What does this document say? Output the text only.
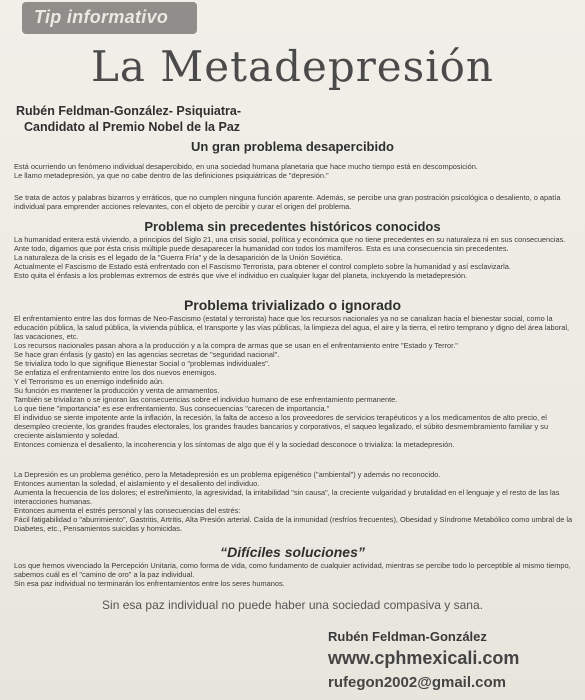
Tip informativo
La Metadepresión
Rubén Feldman-González- Psiquiatra-
Candidato al Premio Nobel de la Paz
Un gran problema desapercibido
Está ocurriendo un fenómeno individual desapercibido, en una sociedad humana planetaria que hace mucho tiempo está en descomposición.
Le llamo metadepresión, ya que no cabe dentro de las definiciones psiquiátricas de "depresión."
Se trata de actos y palabras bizarros y erráticos, que no cumplen ninguna función aparente. Además, se percibe una gran postración psicológica o desaliento, o apatía individual para emprender acciones relevantes, con el objeto de percibir y curar el origen del problema.
Problema sin precedentes históricos conocidos
La humanidad entera está viviendo, a principios del Siglo 21, una crisis social, política y económica que no tiene precedentes en su naturaleza ni en sus consecuencias.
Ante todo, digamos que por ésta crisis múltiple puede desaparecer la humanidad con todos los mamíferos. Esta es una consecuencia sin precedentes.
La naturaleza de la crisis es el legado de la "Guerra Fría" y de la desaparición de la Unión Soviética.
Actualmente el Fascismo de Estado está enfrentado con el Fascismo Terrorista, para obtener el control completo sobre la humanidad y así esclavizarla.
Esto quita el énfasis a los problemas extremos de estrés que vive el individuo en cualquier lugar del planeta, incluyendo la metadepresión.
Problema trivializado o ignorado
El enfrentamiento entre las dos formas de Neo-Fascismo (estatal y terrorista) hace que los recursos nacionales ya no se canalizan hacia el bienestar social, como la educación pública, la salud pública, la vivienda pública, el transporte y las vías públicas, la limpieza del agua, el aire y la tierra, el retiro temprano y digno del área laboral, las vacaciones, etc.
Los recursos nacionales pasan ahora a la producción y a la compra de armas que se usan en el enfrentamiento entre "Estado y Terror."
Se hace gran énfasis (y gasto) en las agencias secretas de "seguridad nacional".
Se trivializa todo lo que signifique Bienestar Social o "problemas individuales".
Se enfatiza el enfrentamiento entre los dos nuevos enemigos.
Y el Terrorismo es un enemigo indefinido aún.
Su función es mantener la producción y venta de armamentos.
También se trivializan o se ignoran las consecuencias sobre el individuo humano de ese enfrentamiento permanente.
Lo que tiene "importancia" es ese enfrentamiento. Sus consecuencias "carecen de importancia."
El individuo se siente impotente ante la inflación, la recesión, la falta de acceso a los proveedores de servicios terapéuticos y a los medicamentos de alto precio, el desempleo creciente, los grandes fraudes electorales, los grandes fraudes bancarios y corporativos, el saqueo legalizado, el súbito desmembramiento familiar y su creciente aislamiento y soledad.
Entonces comienza el desaliento, la incoherencia y los síntomas de algo que él y la sociedad desconoce o trivializa: la metadepresión.
La Depresión es un problema genético, pero la Metadepresión es un problema epigenético ("ambiental") y además no reconocido.
Entonces aumentan la soledad, el aislamiento y el desaliento del individuo.
Aumenta la frecuencia de los dolores; el estreñimiento, la agresividad, la irritabilidad "sin causa", la creciente vulgaridad y brutalidad en el lenguaje y el resto de las las interacciones humanas.
Entonces aumenta el estrés personal y las consecuencias del estrés:
Fácil fatigabilidad o "aburrimiento", Gastritis, Artritis, Alta Presión arterial. Caída de la inmunidad (resfríos frecuentes), Obesidad y Síndrome Metabólico como umbral de la Diabetes, etc., Pensamientos suicidas y homicidas.
“Difíciles soluciones”
Los que hemos vivenciado la Percepción Unitaria, como forma de vida, como fundamento de cualquier actividad, mientras se percibe todo lo perceptible al mismo tiempo, sabemos cuál es el "camino de oro" a la paz individual.
Sin esa paz individual no terminarán los enfrentamientos entre los seres humanos.
Sin esa paz individual no puede haber una sociedad compasiva y sana.
Rubén Feldman-González
www.cphmexicali.com
rufegon2002@gmail.com
